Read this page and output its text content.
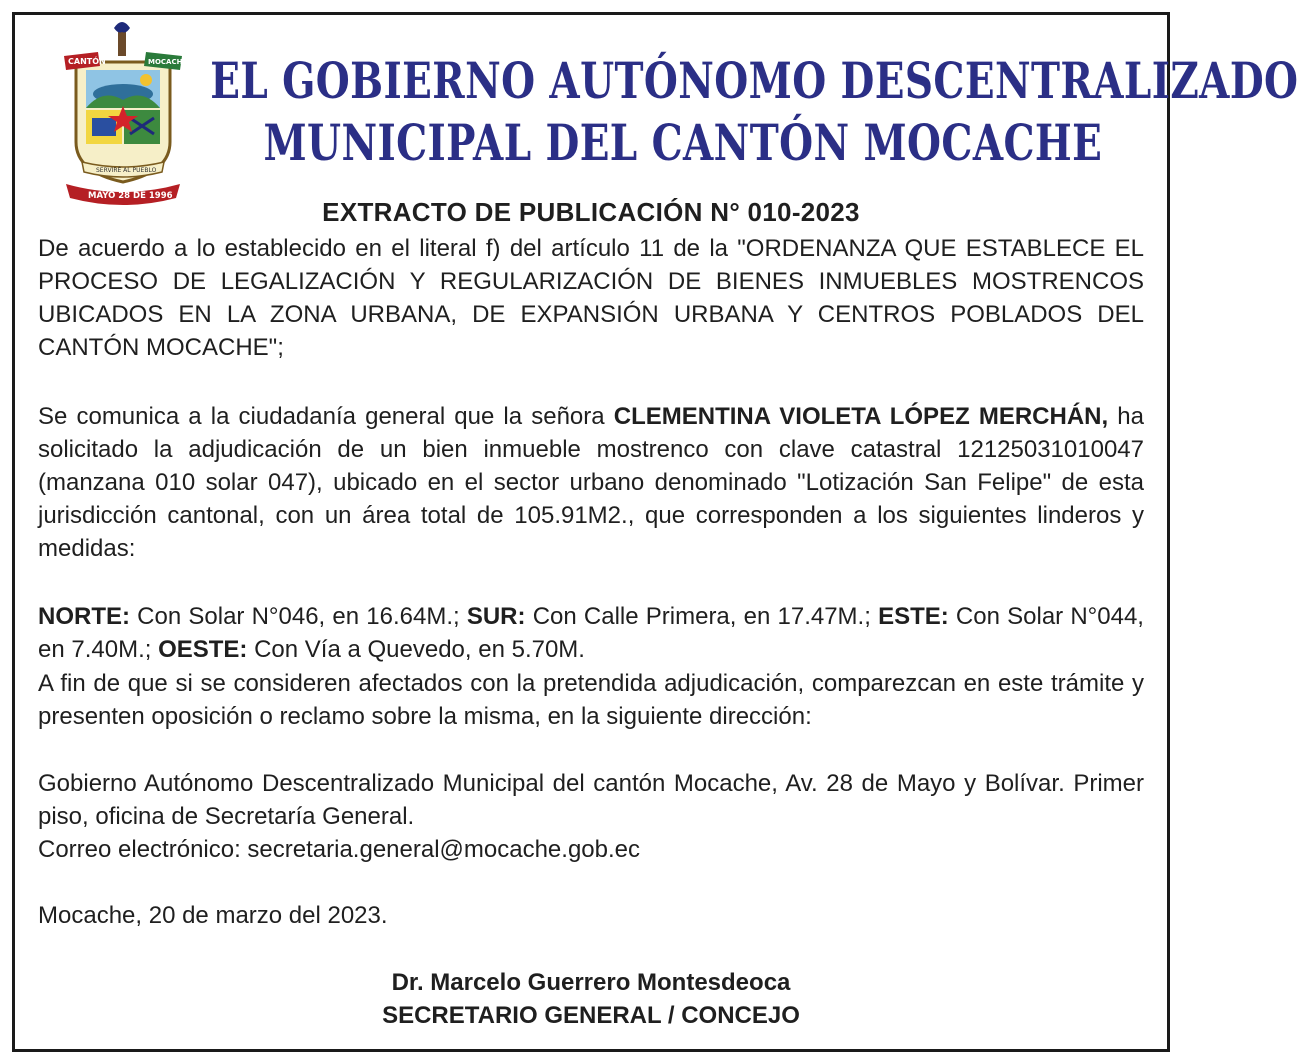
CANTÓN	MOCACHE
SERVIRÉ AL PUEBLO
MAYO 28 DE 1996
EL GOBIERNO AUTÓNOMO DESCENTRALIZADO
MUNICIPAL DEL CANTÓN MOCACHE
EXTRACTO DE PUBLICACIÓN N° 010-2023
De acuerdo a lo establecido en el literal f) del artículo 11 de la "ORDENANZA QUE ESTABLECE EL PROCESO DE LEGALIZACIÓN Y REGULARIZACIÓN DE BIENES INMUEBLES MOSTRENCOS UBICADOS EN LA ZONA URBANA, DE EXPANSIÓN URBANA Y CENTROS POBLADOS DEL CANTÓN MOCACHE";
Se comunica a la ciudadanía general que la señora CLEMENTINA VIOLETA LÓPEZ MERCHÁN, ha solicitado la adjudicación de un bien inmueble mostrenco con clave catastral 12125031010047 (manzana 010 solar 047), ubicado en el sector urbano denominado "Lotización San Felipe" de esta jurisdicción cantonal, con un área total de 105.91M2., que corresponden a los siguientes linderos y medidas:
NORTE: Con Solar N°046, en 16.64M.; SUR: Con Calle Primera, en 17.47M.; ESTE: Con Solar N°044, en 7.40M.; OESTE: Con Vía a Quevedo, en 5.70M.
A fin de que si se consideren afectados con la pretendida adjudicación, comparezcan en este trámite y presenten oposición o reclamo sobre la misma, en la siguiente dirección:
Gobierno Autónomo Descentralizado Municipal del cantón Mocache, Av. 28 de Mayo y Bolívar. Primer piso, oficina de Secretaría General.
Correo electrónico: secretaria.general@mocache.gob.ec
Mocache, 20 de marzo del 2023.
Dr. Marcelo Guerrero Montesdeoca
SECRETARIO GENERAL / CONCEJO
